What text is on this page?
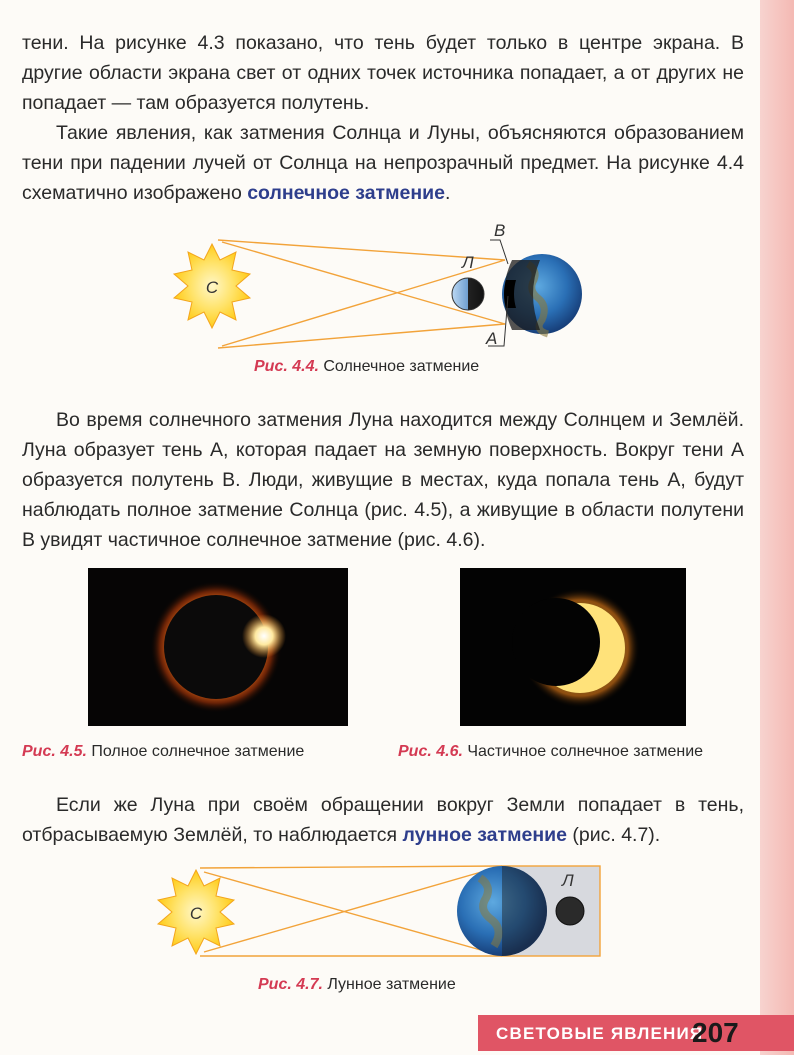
тени. На рисунке 4.3 показано, что тень будет только в центре экрана. В другие области экрана свет от одних точек источника попадает, а от других не попадает — там образуется полутень.

Такие явления, как затмения Солнца и Луны, объясняются образованием тени при падении лучей от Солнца на непрозрачный предмет. На рисунке 4.4 схематично изображено солнечное затмение.

С
Л
В
А
Рис. 4.4. Солнечное затмение

Во время солнечного затмения Луна находится между Солнцем и Землёй. Луна образует тень А, которая падает на земную поверхность. Вокруг тени А образуется полутень В. Люди, живущие в местах, куда попала тень А, будут наблюдать полное затмение Солнца (рис. 4.5), а живущие в области полутени В увидят частичное солнечное затмение (рис. 4.6).

Рис. 4.5. Полное солнечное затмение	Рис. 4.6. Частичное солнечное затмение

Если же Луна при своём обращении вокруг Земли попадает в тень, отбрасываемую Землёй, то наблюдается лунное затмение (рис. 4.7).

С
Л
Рис. 4.7. Лунное затмение
СВЕТОВЫЕ ЯВЛЕНИЯ
207
